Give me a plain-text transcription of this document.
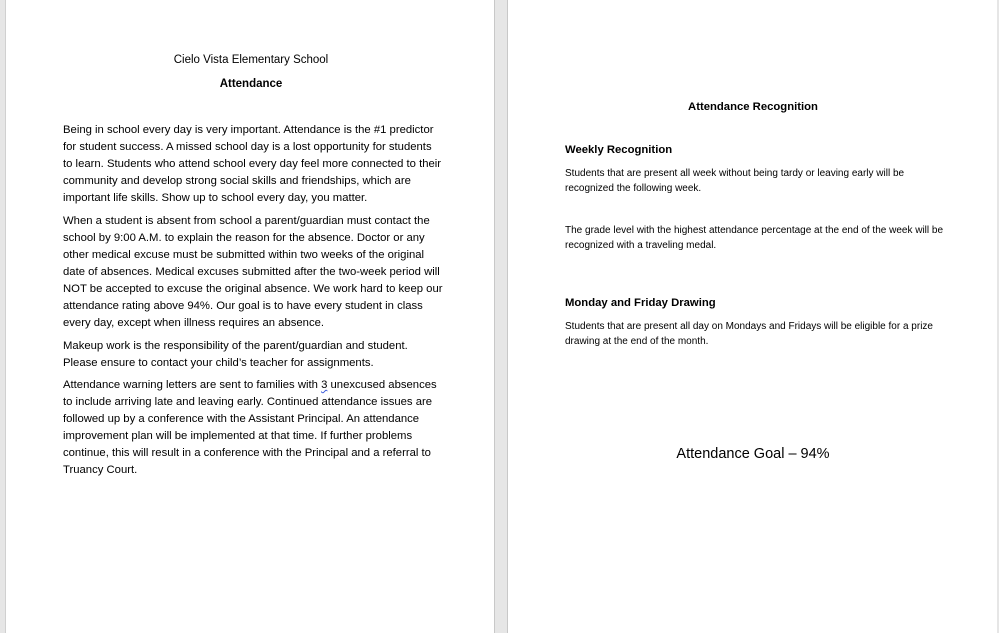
Cielo Vista Elementary School
Attendance

Being in school every day is very important. Attendance is the #1 predictor for student success. A missed school day is a lost opportunity for students to learn. Students who attend school every day feel more connected to their community and develop strong social skills and friendships, which are important life skills. Show up to school every day, you matter.

When a student is absent from school a parent/guardian must contact the school by 9:00 A.M. to explain the reason for the absence. Doctor or any other medical excuse must be submitted within two weeks of the original date of absences. Medical excuses submitted after the two-week period will NOT be accepted to excuse the original absence. We work hard to keep our attendance rating above 94%. Our goal is to have every student in class every day, except when illness requires an absence.

Makeup work is the responsibility of the parent/guardian and student. Please ensure to contact your child’s teacher for assignments.

Attendance warning letters are sent to families with 3 unexcused absences to include arriving late and leaving early. Continued attendance issues are followed up by a conference with the Assistant Principal. An attendance improvement plan will be implemented at that time. If further problems continue, this will result in a conference with the Principal and a referral to Truancy Court.

Attendance Recognition
Weekly Recognition
Students that are present all week without being tardy or leaving early will be recognized the following week.
The grade level with the highest attendance percentage at the end of the week will be recognized with a traveling medal.
Monday and Friday Drawing
Students that are present all day on Mondays and Fridays will be eligible for a prize drawing at the end of the month.
Attendance Goal – 94%
